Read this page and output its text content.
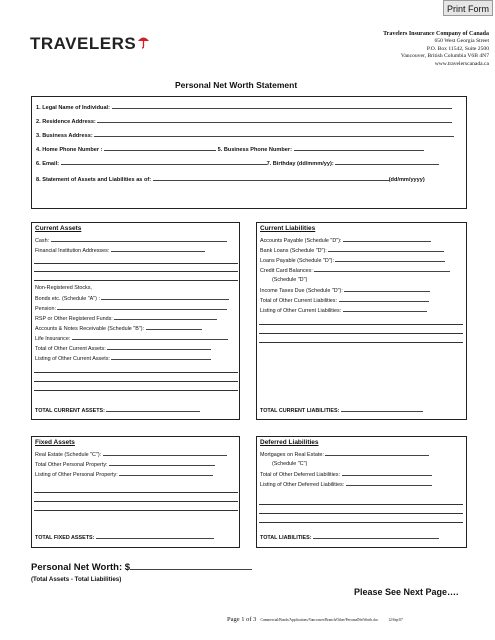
Print Form
TRAVELERS	Travelers Insurance Company of Canada
650 West Georgia Street
P.O. Box 11542, Suite 2500
Vancouver, British Columbia V6B 4N7
www.travelerscanada.ca
Personal Net Worth Statement
1. Legal Name of Individual:
2. Residence Address:
3. Business Address:
4. Home Phone Number :	5. Business Phone Number:
6. Email:	7. Birthday (dd/mmm/yy):
8. Statement of Assets and Liabilities as of:	(dd/mm/yyyy)
Current Assets
Cash:
Financial Institution Addresses:
Non-Registered Stocks,
Bonds etc. (Schedule "A") :
Pension:
RSP or Other Registered Funds:
Accounts & Notes Receivable (Schedule "B"):
Life Insurance:
Total of Other Current Assets:
Listing of Other Current Assets:
TOTAL CURRENT ASSETS:
Current Liabilities
Accounts Payable (Schedule "D"):
Bank Loans (Schedule "D"):
Loans Payable (Schedule "D"):
Credit Card Balances:
(Schedule "D")
Income Taxes Due (Schedule "D"):
Total of Other Current Liabilities:
Listing of Other Current Liabilities:
TOTAL CURRENT LIABILITIES:
Fixed Assets
Real Estate (Schedule "C"):
Total Other Personal Property:
Listing of Other Personal Property:
TOTAL FIXED ASSETS:
Deferred Liabilities
Mortgages on Real Estate:
(Schedule "C")
Total of Other Deferred Liabilities:
Listing of Other Deferred Liabilities:
TOTAL LIABILITIES:
Personal Net Worth: $
(Total Assets - Total Liabilities)
Please See Next Page….
Page 1 of 3 Commercial/Bonds/Applications/Vancouver/Branch/Other/PersonalNetWorth.doc	12/Sep/07
